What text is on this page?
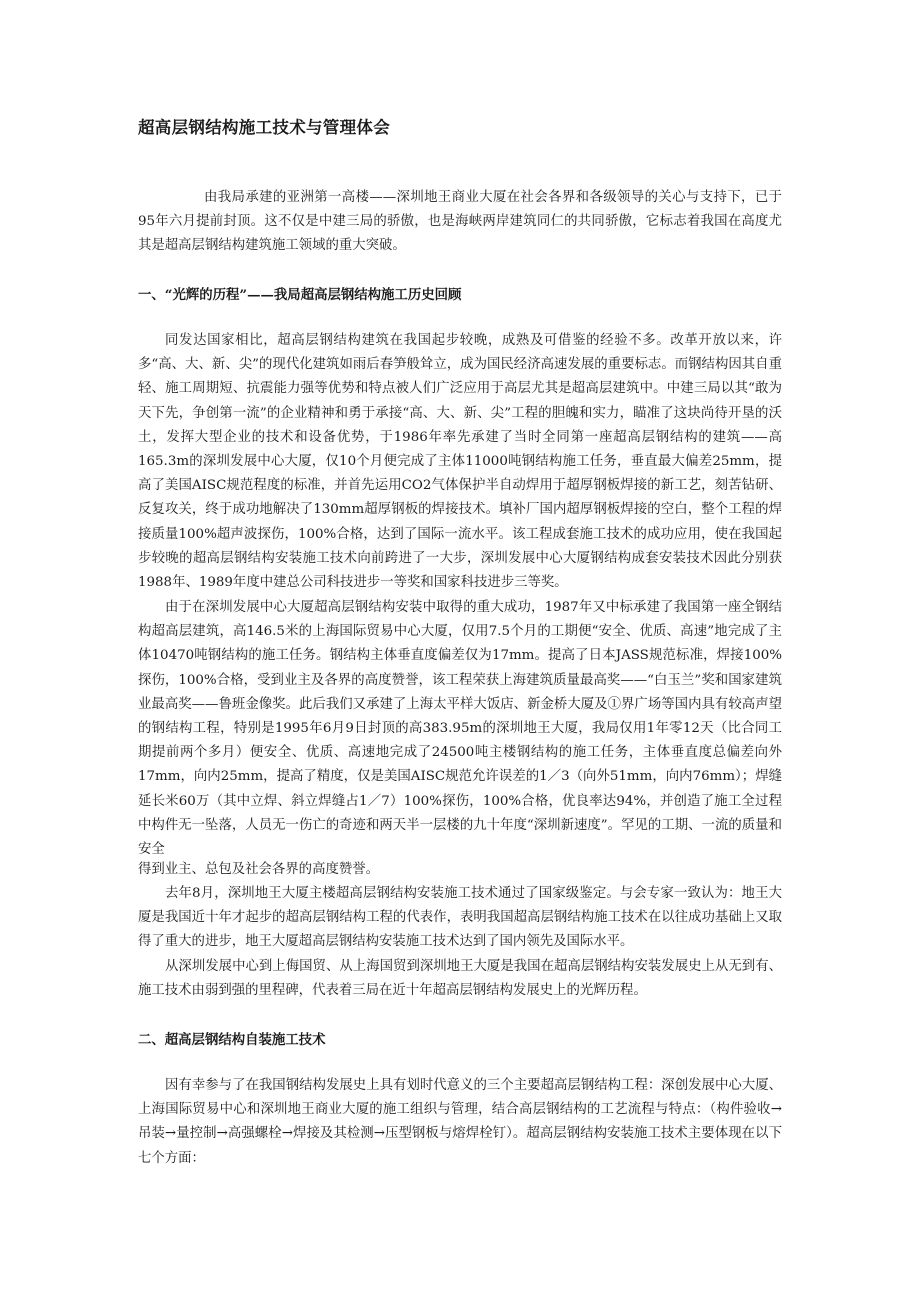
超高层钢结构施工技术与管理体会

由我局承建的亚洲第一高楼——深圳地王商业大厦在社会各界和各级领导的关心与支持下，已于95年六月提前封顶。这不仅是中建三局的骄傲，也是海峡两岸建筑同仁的共同骄傲，它标志着我国在高度尤其是超高层钢结构建筑施工领域的重大突破。

一、“光辉的历程”——我局超高层钢结构施工历史回顾

同发达国家相比，超高层钢结构建筑在我国起步较晚，成熟及可借鉴的经验不多。改革开放以来，许多“高、大、新、尖”的现代化建筑如雨后春笋般耸立，成为国民经济高速发展的重要标志。而钢结构因其自重轻、施工周期短、抗震能力强等优势和特点被人们广泛应用于高层尤其是超高层建筑中。中建三局以其“敢为天下先，争创第一流”的企业精神和勇于承接“高、大、新、尖”工程的胆魄和实力，瞄准了这块尚待开垦的沃土，发挥大型企业的技术和设备优势，于1986年率先承建了当时全同第一座超高层钢结构的建筑——高165.3m的深圳发展中心大厦，仅10个月便完成了主体11000吨钢结构施工任务，垂直最大偏差25mm，提高了美国AISC规范程度的标准，并首先运用CO2气体保护半自动焊用于超厚钢板焊接的新工艺，刻苦钻研、反复攻关，终于成功地解决了130mm超厚钢板的焊接技术。填补厂国内超厚钢板焊接的空白，整个工程的焊接质量100%超声波探伤，100%合格，达到了国际一流水平。该工程成套施工技术的成功应用，使在我国起步较晚的超高层钢结构安装施工技术向前跨进了一大步，深圳发展中心大厦钢结构成套安装技术因此分别获1988年、1989年度中建总公司科技进步一等奖和国家科技进步三等奖。

由于在深圳发展中心大厦超高层钢结构安装中取得的重大成功，1987年又中标承建了我国第一座全钢结构超高层建筑，高146.5米的上海国际贸易中心大厦，仅用7.5个月的工期便“安全、优质、高速”地完成了主体10470吨钢结构的施工任务。钢结构主体垂直度偏差仅为17mm。提高了日本JASS规范标准，焊接100%探伤，100%合格，受到业主及各界的高度赞誉，该工程荣获上海建筑质量最高奖——“白玉兰”奖和国家建筑业最高奖——鲁班金像奖。此后我们又承建了上海太平样大饭店、新金桥大厦及①界广场等国内具有较高声望的钢结构工程，特别是1995年6月9日封顶的高383.95m的深圳地王大厦，我局仅用1年零12天（比合同工期提前两个多月）便安全、优质、高速地完成了24500吨主楼钢结构的施工任务，主体垂直度总偏差向外17mm，向内25mm，提高了精度，仅是美国AISC规范允许误差的1／3（向外51mm，向内76mm）；焊缝延长米60万（其中立焊、斜立焊缝占1／7）100%探伤，100%合格，优良率达94%，并创造了施工全过程中构件无一坠落，人员无一伤亡的奇迹和两天半一层楼的九十年度“深圳新速度”。罕见的工期、一流的质量和安全

得到业主、总包及社会各界的高度赞誉。

去年8月，深圳地王大厦主楼超高层钢结构安装施工技术通过了国家级鉴定。与会专家一致认为：地王大厦是我国近十年才起步的超高层钢结构工程的代表作，表明我国超高层钢结构施工技术在以往成功基础上又取得了重大的进步，地王大厦超高层钢结构安装施工技术达到了国内领先及国际水平。

从深圳发展中心到上侮国贸、从上海国贸到深圳地王大厦是我国在超高层钢结构安装发展史上从无到有、施工技术由弱到强的里程碑，代表着三局在近十年超高层钢结构发展史上的光辉历程。

二、超高层钢结构自装施工技术

因有幸参与了在我国钢结构发展史上具有划时代意义的三个主要超高层钢结构工程：深创发展中心大厦、上海国际贸易中心和深圳地王商业大厦的施工组织与管理，结合高层钢结构的工艺流程与特点：（构件验收→吊装→量控制→高强螺栓→焊接及其检测→压型钢板与熔焊栓钉）。超高层钢结构安装施工技术主要体现在以下七个方面：
